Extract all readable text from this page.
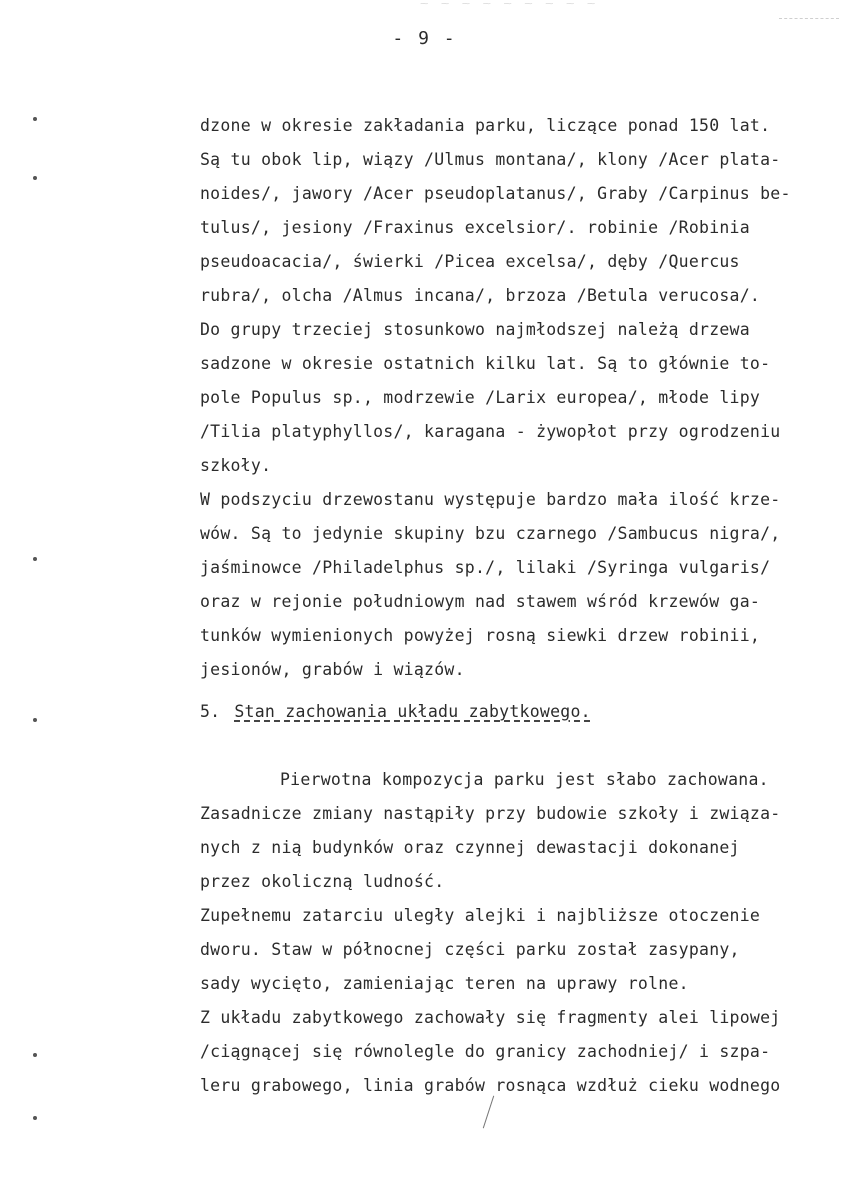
~ ~ ~ ~ ~ ~ ~ ~ ~
- 9 -
dzone w okresie zakładania parku, liczące ponad 150 lat.
Są tu obok lip, wiązy /Ulmus montana/, klony /Acer plata-
noides/, jawory /Acer pseudoplatanus/, Graby /Carpinus be-
tulus/, jesiony /Fraxinus excelsior/. robinie /Robinia
pseudoacacia/, świerki /Picea excelsa/, dęby /Quercus
rubra/, olcha /Almus incana/, brzoza /Betula verucosa/.
Do grupy trzeciej stosunkowo najmłodszej należą drzewa
sadzone w okresie ostatnich kilku lat. Są to głównie to-
pole Populus sp., modrzewie /Larix europea/, młode lipy
/Tilia platyphyllos/, karagana - żywopłot przy ogrodzeniu
szkoły.
W podszyciu drzewostanu występuje bardzo mała ilość krze-
wów. Są to jedynie skupiny bzu czarnego /Sambucus nigra/,
jaśminowce /Philadelphus sp./, lilaki /Syringa vulgaris/
oraz w rejonie południowym nad stawem wśród krzewów ga-
tunków wymienionych powyżej rosną siewki drzew robinii,
jesionów, grabów i wiązów.
5. Stan zachowania układu zabytkowego.
Pierwotna kompozycja parku jest słabo zachowana.
Zasadnicze zmiany nastąpiły przy budowie szkoły i związa-
nych z nią budynków oraz czynnej dewastacji dokonanej
przez okoliczną ludność.
Zupełnemu zatarciu uległy alejki i najbliższe otoczenie
dworu. Staw w północnej części parku został zasypany,
sady wycięto, zamieniając teren na uprawy rolne.
Z układu zabytkowego zachowały się fragmenty alei lipowej
/ciągnącej się równolegle do granicy zachodniej/ i szpa-
leru grabowego, linia grabów rosnąca wzdłuż cieku wodnego
